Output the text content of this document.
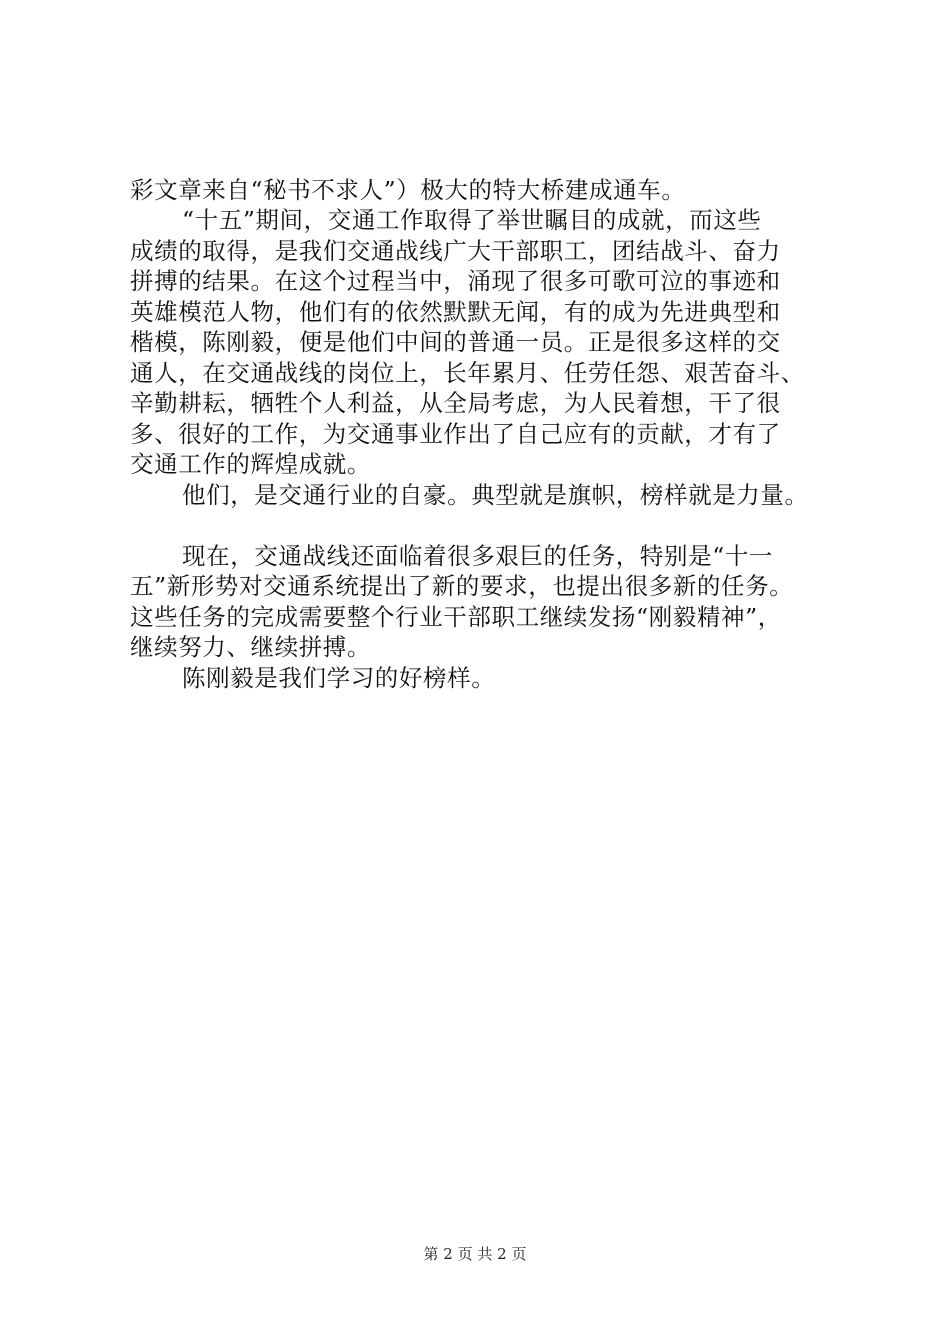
彩文章来自“秘书不求人”）极大的特大桥建成通车。
“十五”期间，交通工作取得了举世瞩目的成就，而这些
成绩的取得，是我们交通战线广大干部职工，团结战斗、奋力
拼搏的结果。在这个过程当中，涌现了很多可歌可泣的事迹和
英雄模范人物，他们有的依然默默无闻，有的成为先进典型和
楷模，陈刚毅，便是他们中间的普通一员。正是很多这样的交
通人，在交通战线的岗位上，长年累月、任劳任怨、艰苦奋斗、
辛勤耕耘，牺牲个人利益，从全局考虑，为人民着想，干了很
多、很好的工作，为交通事业作出了自己应有的贡献，才有了
交通工作的辉煌成就。
他们，是交通行业的自豪。典型就是旗帜，榜样就是力量。
现在，交通战线还面临着很多艰巨的任务，特别是“十一
五”新形势对交通系统提出了新的要求，也提出很多新的任务。
这些任务的完成需要整个行业干部职工继续发扬“刚毅精神”，
继续努力、继续拼搏。
陈刚毅是我们学习的好榜样。
第 2 页 共 2 页
